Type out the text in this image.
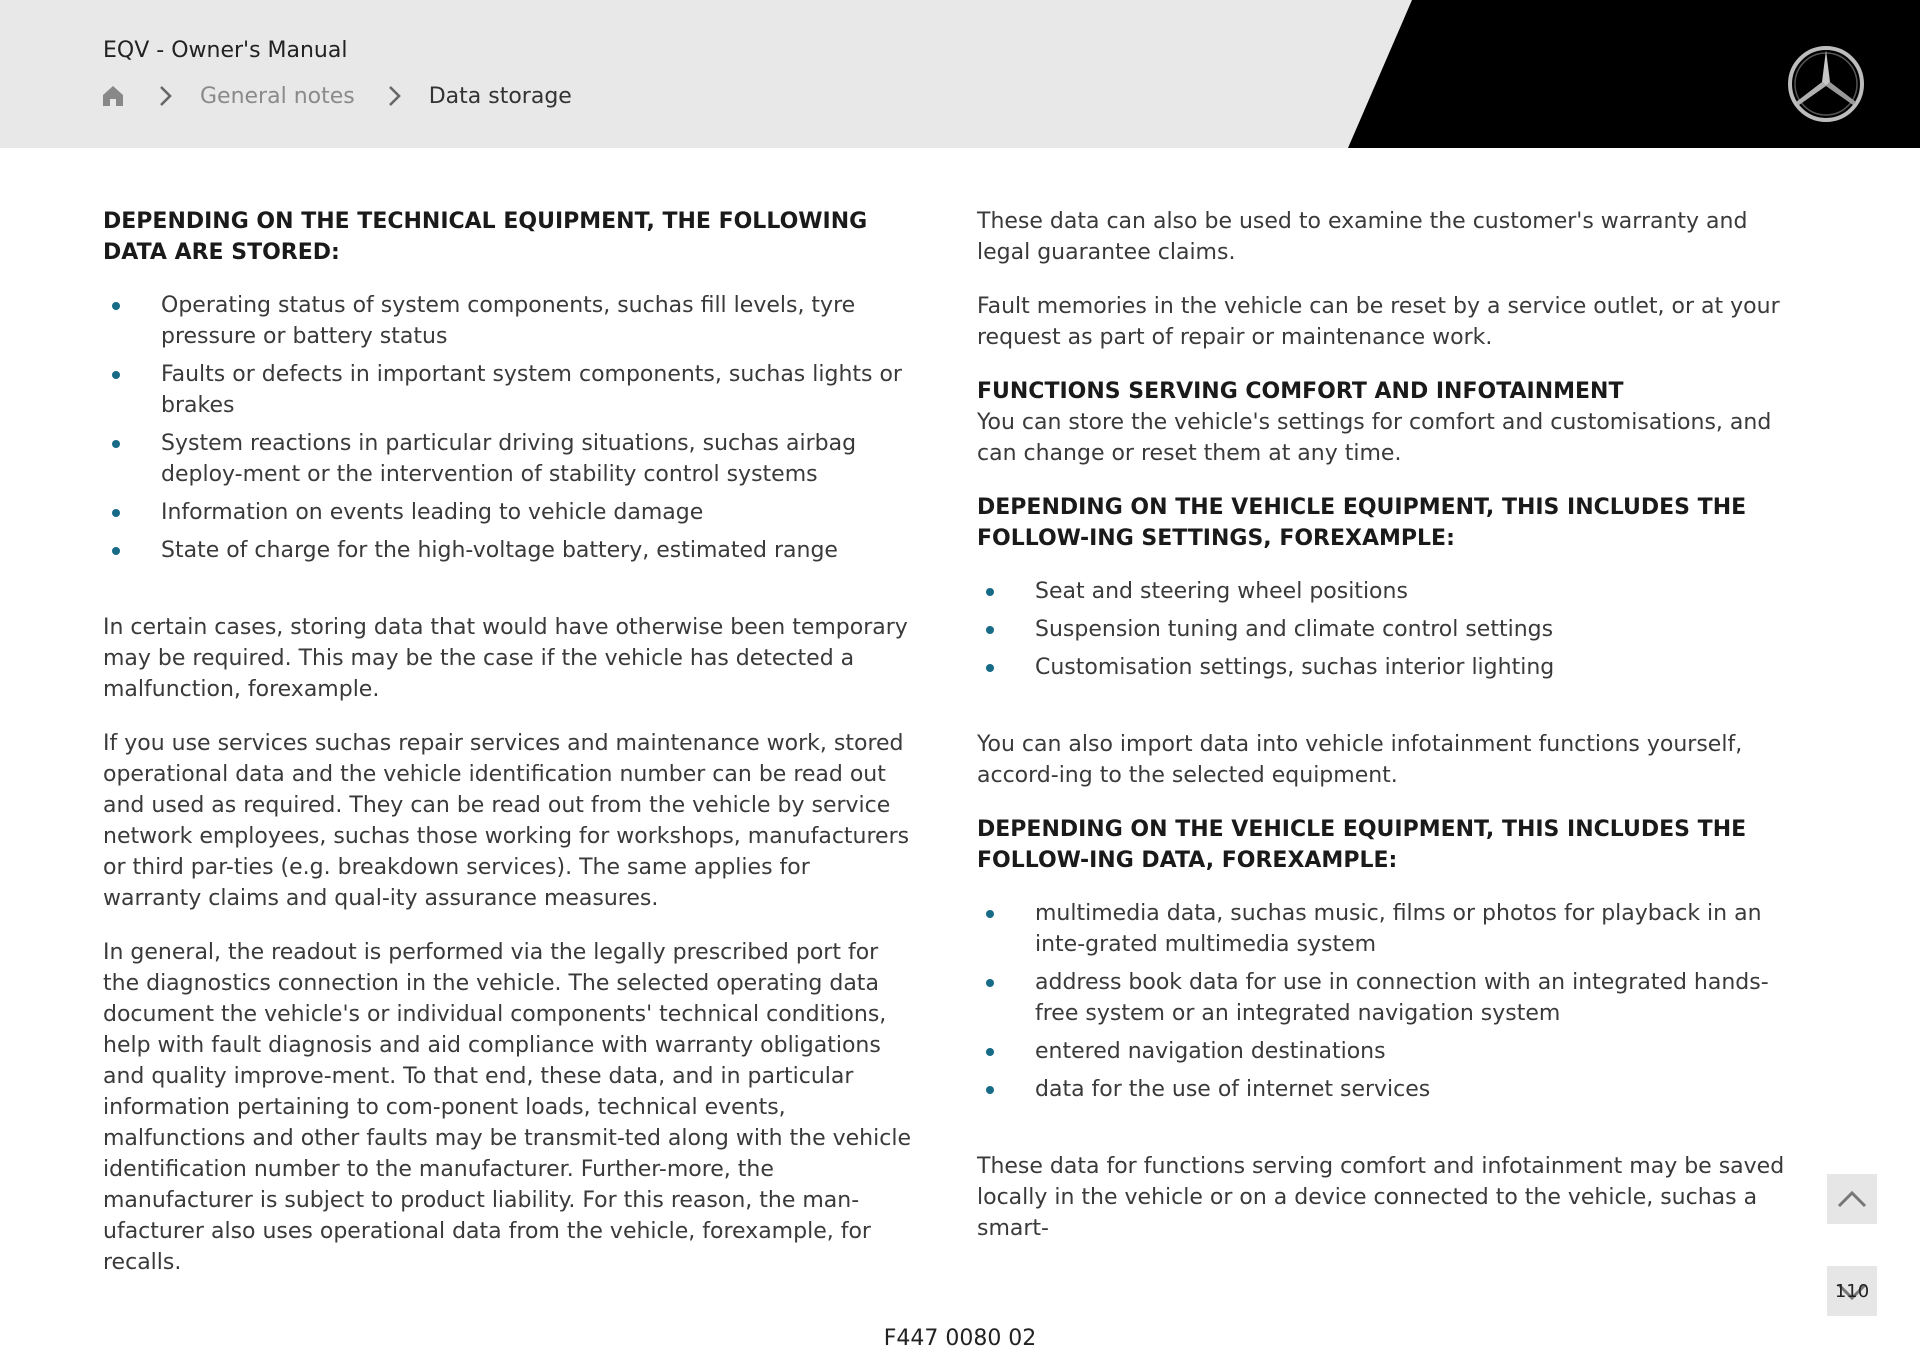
EQV - Owner's Manual
General notes	Data storage

DEPENDING ON THE TECHNICAL EQUIPMENT, THE FOLLOWING DATA ARE STORED:

Operating status of system components, suchas fill levels, tyre pressure or battery status
Faults or defects in important system components, suchas lights or brakes
System reactions in particular driving situations, suchas airbag deploy-ment or the intervention of stability control systems
Information on events leading to vehicle damage
State of charge for the high-voltage battery, estimated range

In certain cases, storing data that would have otherwise been temporary may be required. This may be the case if the vehicle has detected a malfunction, forexample.

If you use services suchas repair services and maintenance work, stored operational data and the vehicle identification number can be read out and used as required. They can be read out from the vehicle by service network employees, suchas those working for workshops, manufacturers or third par-ties (e.g. breakdown services). The same applies for warranty claims and qual-ity assurance measures.

In general, the readout is performed via the legally prescribed port for the diagnostics connection in the vehicle. The selected operating data document the vehicle's or individual components' technical conditions, help with fault diagnosis and aid compliance with warranty obligations and quality improve-ment. To that end, these data, and in particular information pertaining to com-ponent loads, technical events, malfunctions and other faults may be transmit-ted along with the vehicle identification number to the manufacturer. Further-more, the manufacturer is subject to product liability. For this reason, the man-ufacturer also uses operational data from the vehicle, forexample, for recalls.

These data can also be used to examine the customer's warranty and legal guarantee claims.

Fault memories in the vehicle can be reset by a service outlet, or at your request as part of repair or maintenance work.

FUNCTIONS SERVING COMFORT AND INFOTAINMENT

You can store the vehicle's settings for comfort and customisations, and can change or reset them at any time.

DEPENDING ON THE VEHICLE EQUIPMENT, THIS INCLUDES THE FOLLOW-ING SETTINGS, FOREXAMPLE:

Seat and steering wheel positions
Suspension tuning and climate control settings
Customisation settings, suchas interior lighting

You can also import data into vehicle infotainment functions yourself, accord-ing to the selected equipment.

DEPENDING ON THE VEHICLE EQUIPMENT, THIS INCLUDES THE FOLLOW-ING DATA, FOREXAMPLE:

multimedia data, suchas music, films or photos for playback in an inte-grated multimedia system
address book data for use in connection with an integrated hands-free system or an integrated navigation system
entered navigation destinations
data for the use of internet services

These data for functions serving comfort and infotainment may be saved locally in the vehicle or on a device connected to the vehicle, suchas a smart-

110
F447 0080 02
